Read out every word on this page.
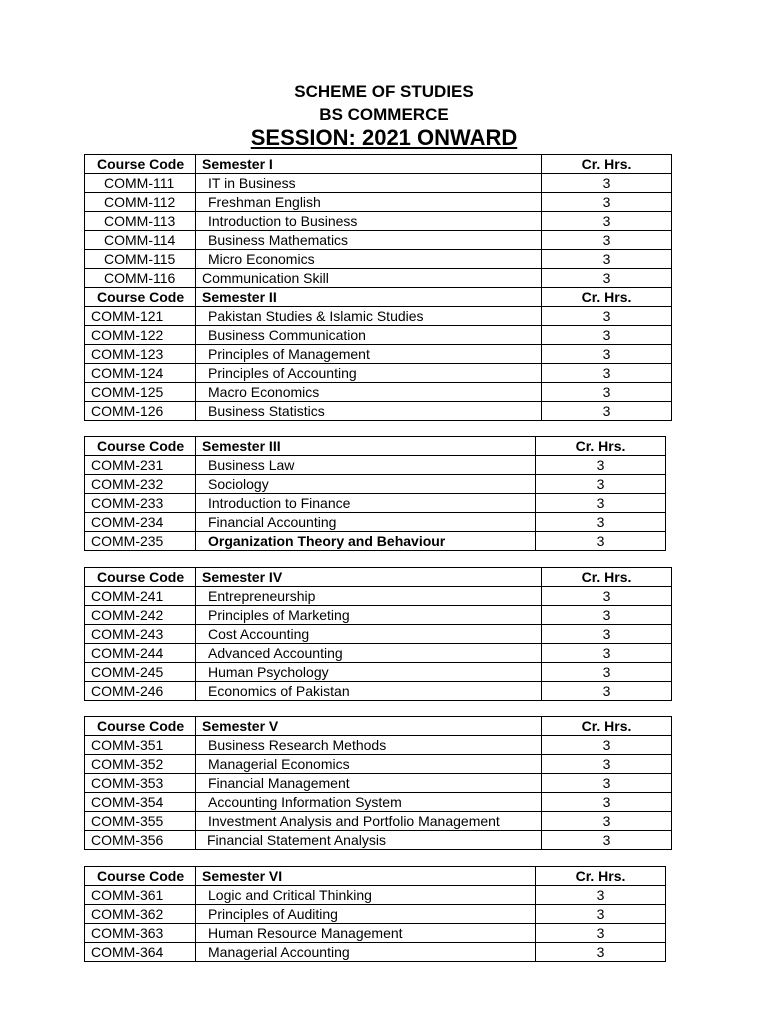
SCHEME OF STUDIES
BS COMMERCE
SESSION: 2021 ONWARD
Course Code	Semester I	Cr. Hrs.
COMM-111	IT in Business	3
COMM-112	Freshman English	3
COMM-113	Introduction to Business	3
COMM-114	Business Mathematics	3
COMM-115	Micro Economics	3
COMM-116	Communication Skill	3
Course Code	Semester II	Cr. Hrs.
COMM-121	Pakistan Studies & Islamic Studies	3
COMM-122	Business Communication	3
COMM-123	Principles of Management	3
COMM-124	Principles of Accounting	3
COMM-125	Macro Economics	3
COMM-126	Business Statistics	3
Course Code	Semester III	Cr. Hrs.
COMM-231	Business Law	3
COMM-232	Sociology	3
COMM-233	Introduction to Finance	3
COMM-234	Financial Accounting	3
COMM-235	Organization Theory and Behaviour	3
Course Code	Semester IV	Cr. Hrs.
COMM-241	Entrepreneurship	3
COMM-242	Principles of Marketing	3
COMM-243	Cost Accounting	3
COMM-244	Advanced Accounting	3
COMM-245	Human Psychology	3
COMM-246	Economics of Pakistan	3
Course Code	Semester V	Cr. Hrs.
COMM-351	Business Research Methods	3
COMM-352	Managerial Economics	3
COMM-353	Financial Management	3
COMM-354	Accounting Information System	3
COMM-355	Investment Analysis and Portfolio Management	3
COMM-356	Financial Statement Analysis	3
Course Code	Semester VI	Cr. Hrs.
COMM-361	Logic and Critical Thinking	3
COMM-362	Principles of Auditing	3
COMM-363	Human Resource Management	3
COMM-364	Managerial Accounting	3
